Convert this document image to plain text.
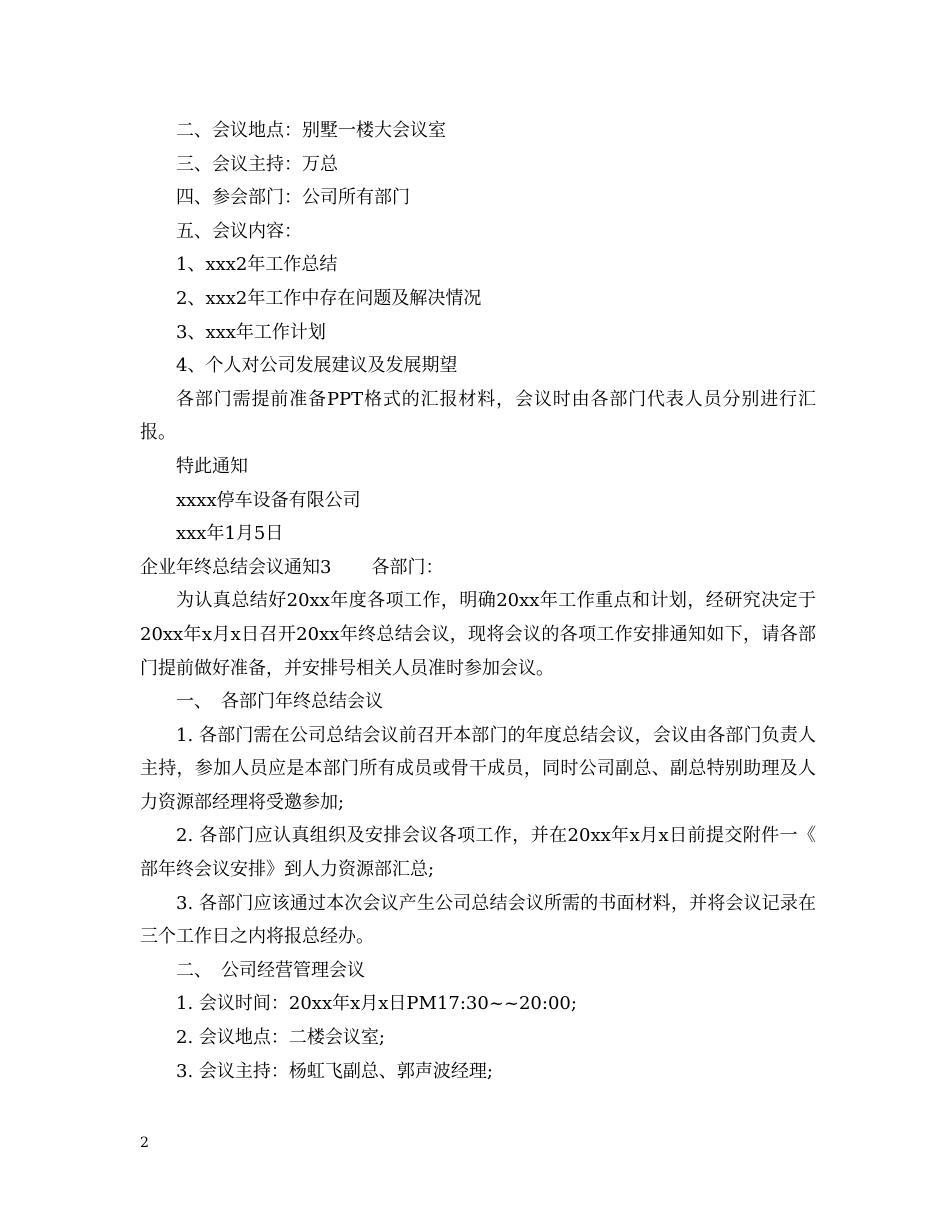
二、会议地点：别墅一楼大会议室

三、会议主持：万总

四、参会部门：公司所有部门

五、会议内容：

1、xxx2年工作总结

2、xxx2年工作中存在问题及解决情况

3、xxx年工作计划

4、个人对公司发展建议及发展期望

各部门需提前准备PPT格式的汇报材料，会议时由各部门代表人员分别进行汇报。

特此通知

xxxx停车设备有限公司

xxx年1月5日

企业年终总结会议通知3 各部门：

为认真总结好20xx年度各项工作，明确20xx年工作重点和计划，经研究决定于20xx年x月x日召开20xx年终总结会议，现将会议的各项工作安排通知如下，请各部门提前做好准备，并安排号相关人员准时参加会议。

一、　各部门年终总结会议

1. 各部门需在公司总结会议前召开本部门的年度总结会议，会议由各部门负责人主持，参加人员应是本部门所有成员或骨干成员，同时公司副总、副总特别助理及人力资源部经理将受邀参加;

2. 各部门应认真组织及安排会议各项工作，并在20xx年x月x日前提交附件一《 部年终会议安排》到人力资源部汇总;

3. 各部门应该通过本次会议产生公司总结会议所需的书面材料，并将会议记录在三个工作日之内将报总经办。

二、　公司经营管理会议

1. 会议时间：20xx年x月x日PM17:30~~20:00;

2. 会议地点：二楼会议室;

3. 会议主持：杨虹飞副总、郭声波经理;

2
